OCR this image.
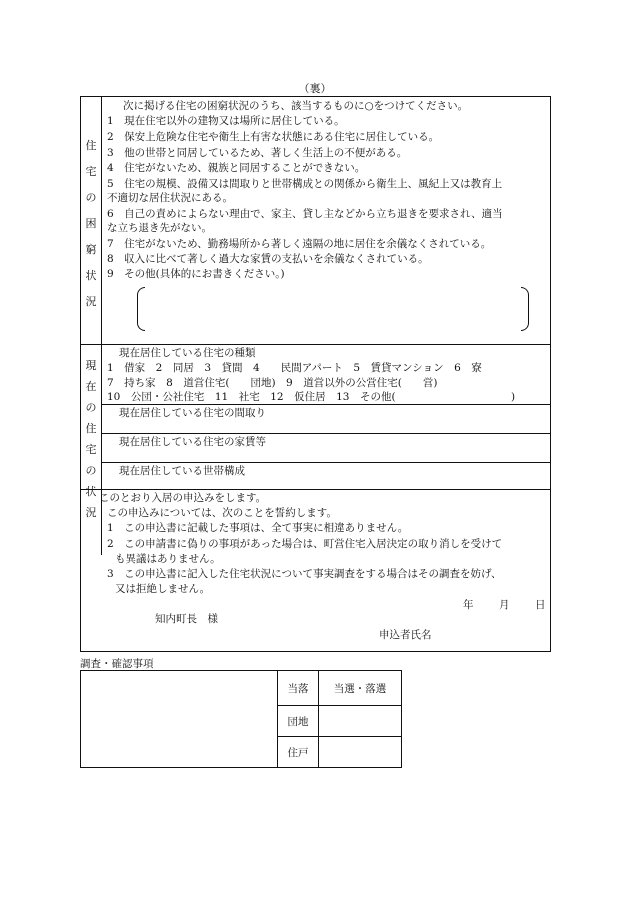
（裏）
住
宅
の
困
窮
状
況
次に掲げる住宅の困窮状況のうち、該当するものに○をつけてください。
1　現在住宅以外の建物又は場所に居住している。
2　保安上危険な住宅や衛生上有害な状態にある住宅に居住している。
3　他の世帯と同居しているため、著しく生活上の不便がある。
4　住宅がないため、親族と同居することができない。
5　住宅の規模、設備又は間取りと世帯構成との関係から衛生上、風紀上又は教育上
不適切な居住状況にある。
6　自己の責めによらない理由で、家主、貸し主などから立ち退きを要求され、適当
な立ち退き先がない。
7　住宅がないため、勤務場所から著しく遠隔の地に居住を余儀なくされている。
8　収入に比べて著しく過大な家賃の支払いを余儀なくされている。
9　その他(具体的にお書きください。)
現
在
の
住
宅
の
状
況
現在居住している住宅の種類
1　借家　2　同居　3　貸間　4　　民間アパート　5　賃貸マンション　6　寮
7　持ち家　8　道営住宅(　　団地)　9　道営以外の公営住宅(　　営)
10　公団・公社住宅　11　社宅　12　仮住居　13　その他(　　　　　　　　　　　)
現在居住している住宅の間取り
現在居住している住宅の家賃等
現在居住している世帯構成
このとおり入居の申込みをします。
この申込みについては、次のことを誓約します。
1　この申込書に記載した事項は、全て事実に相違ありません。
2　この申請書に偽りの事項があった場合は、町営住宅入居決定の取り消しを受けて
も異議はありません。
3　この申込書に記入した住宅状況について事実調査をする場合はその調査を妨げ、
又は拒絶しません。
年 月 日
知内町長　様
申込者氏名
調査・確認事項
	当落	当選・落選
	団地	
	住戸	
